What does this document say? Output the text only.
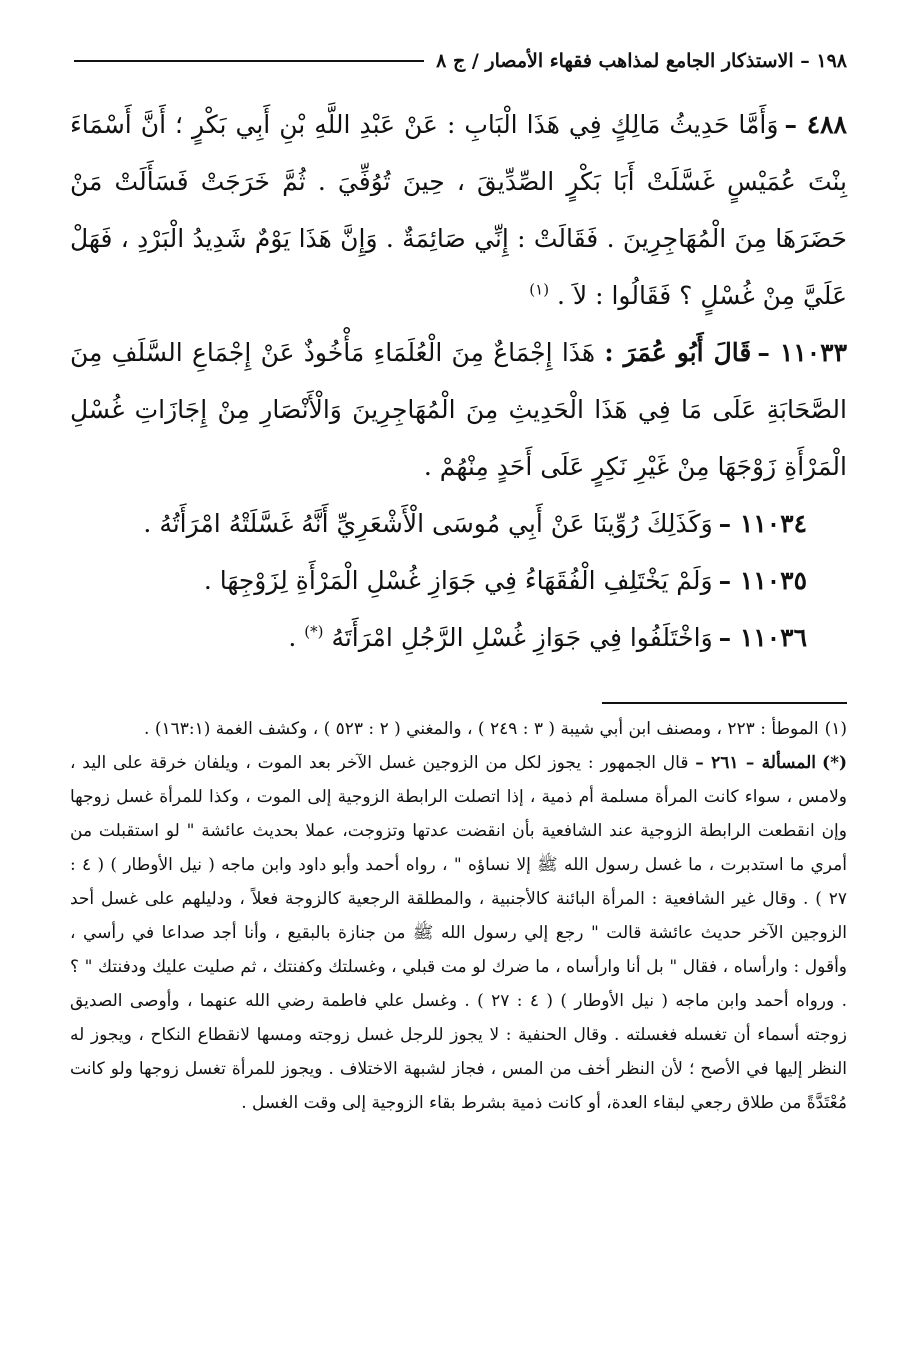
١٩٨ – الاستذكار الجامع لمذاهب فقهاء الأمصار / ج ٨

٤٨٨ –وَأَمَّا حَدِيثُ مَالِكٍ فِي هَذَا الْبَابِ : عَنْ عَبْدِ اللَّهِ بْنِ أَبِي بَكْرٍ ؛ أَنَّ أَسْمَاءَ بِنْتَ عُمَيْسٍ غَسَّلَتْ أَبَا بَكْرٍ الصِّدِّيقَ ، حِينَ تُوُفِّيَ . ثُمَّ خَرَجَتْ فَسَأَلَتْ مَنْ حَضَرَهَا مِنَ الْمُهَاجِرِينَ . فَقَالَتْ : إِنِّي صَائِمَةٌ . وَإِنَّ هَذَا يَوْمٌ شَدِيدُ الْبَرْدِ ، فَهَلْ عَلَيَّ مِنْ غُسْلٍ ؟ فَقَالُوا : لاَ . $^{(١)}$

١١٠٣٣ –قَالَ أَبُو عُمَرَ : هَذَا إِجْمَاعٌ مِنَ الْعُلَمَاءِ مَأْخُوذٌ عَنْ إِجْمَاعِ السَّلَفِ مِنَ الصَّحَابَةِ عَلَى مَا فِي هَذَا الْحَدِيثِ مِنَ الْمُهَاجِرِينَ وَالْأَنْصَارِ مِنْ إِجَازَاتِ غُسْلِ الْمَرْأَةِ زَوْجَهَا مِنْ غَيْرِ نَكِرٍ عَلَى أَحَدٍ مِنْهُمْ .

١١٠٣٤ –وَكَذَلِكَ رُوِّينَا عَنْ أَبِي مُوسَى الْأَشْعَرِيِّ أَنَّهُ غَسَّلَتْهُ امْرَأَتُهُ .

١١٠٣٥ –وَلَمْ يَخْتَلِفِ الْفُقَهَاءُ فِي جَوَازِ غُسْلِ الْمَرْأَةِ لِزَوْجِهَا .

١١٠٣٦ –وَاخْتَلَفُوا فِي جَوَازِ غُسْلِ الرَّجُلِ امْرَأَتَهُ (*) .

(١)الموطأ : ٢٢٣ ، ومصنف ابن أبي شيبة ( ٣ : ٢٤٩ ) ، والمغني ( ٢ : ٥٢٣ ) ، وكشف الغمة (١٦٣:١) .

(*)المسألة – ٢٦١ – قال الجمهور : يجوز لكل من الزوجين غسل الآخر بعد الموت ، ويلفان خرقة على اليد ، ولامس ، سواء كانت المرأة مسلمة أم ذمية ، إذا اتصلت الرابطة الزوجية إلى الموت ، وكذا للمرأة غسل زوجها وإن انقطعت الرابطة الزوجية عند الشافعية بأن انقضت عدتها وتزوجت، عملا بحديث عائشة " لو استقبلت من أمري ما استدبرت ، ما غسل رسول الله ﷺ إلا نساؤه " ، رواه أحمد وأبو داود وابن ماجه ( نيل الأوطار ) ( ٤ : ٢٧ ) . وقال غير الشافعية : المرأة البائنة كالأجنبية ، والمطلقة الرجعية كالزوجة فعلاً ، ودليلهم على غسل أحد الزوجين الآخر حديث عائشة قالت " رجع إلي رسول الله ﷺ من جنازة بالبقيع ، وأنا أجد صداعا في رأسي ، وأقول : وارأساه ، فقال " بل أنا وارأساه ، ما ضرك لو مت قبلي ، وغسلتك وكفنتك ، ثم صليت عليك ودفنتك " ؟ . ورواه أحمد وابن ماجه ( نيل الأوطار ) ( ٤ : ٢٧ ) . وغسل علي فاطمة رضي الله عنهما ، وأوصى الصديق زوجته أسماء أن تغسله فغسلته . وقال الحنفية : لا يجوز للرجل غسل زوجته ومسها لانقطاع النكاح ، ويجوز له النظر إليها في الأصح ؛ لأن النظر أخف من المس ، فجاز لشبهة الاختلاف . ويجوز للمرأة تغسل زوجها ولو كانت مُعْتَدَّةً من طلاق رجعي لبقاء العدة، أو كانت ذمية بشرط بقاء الزوجية إلى وقت الغسل .
